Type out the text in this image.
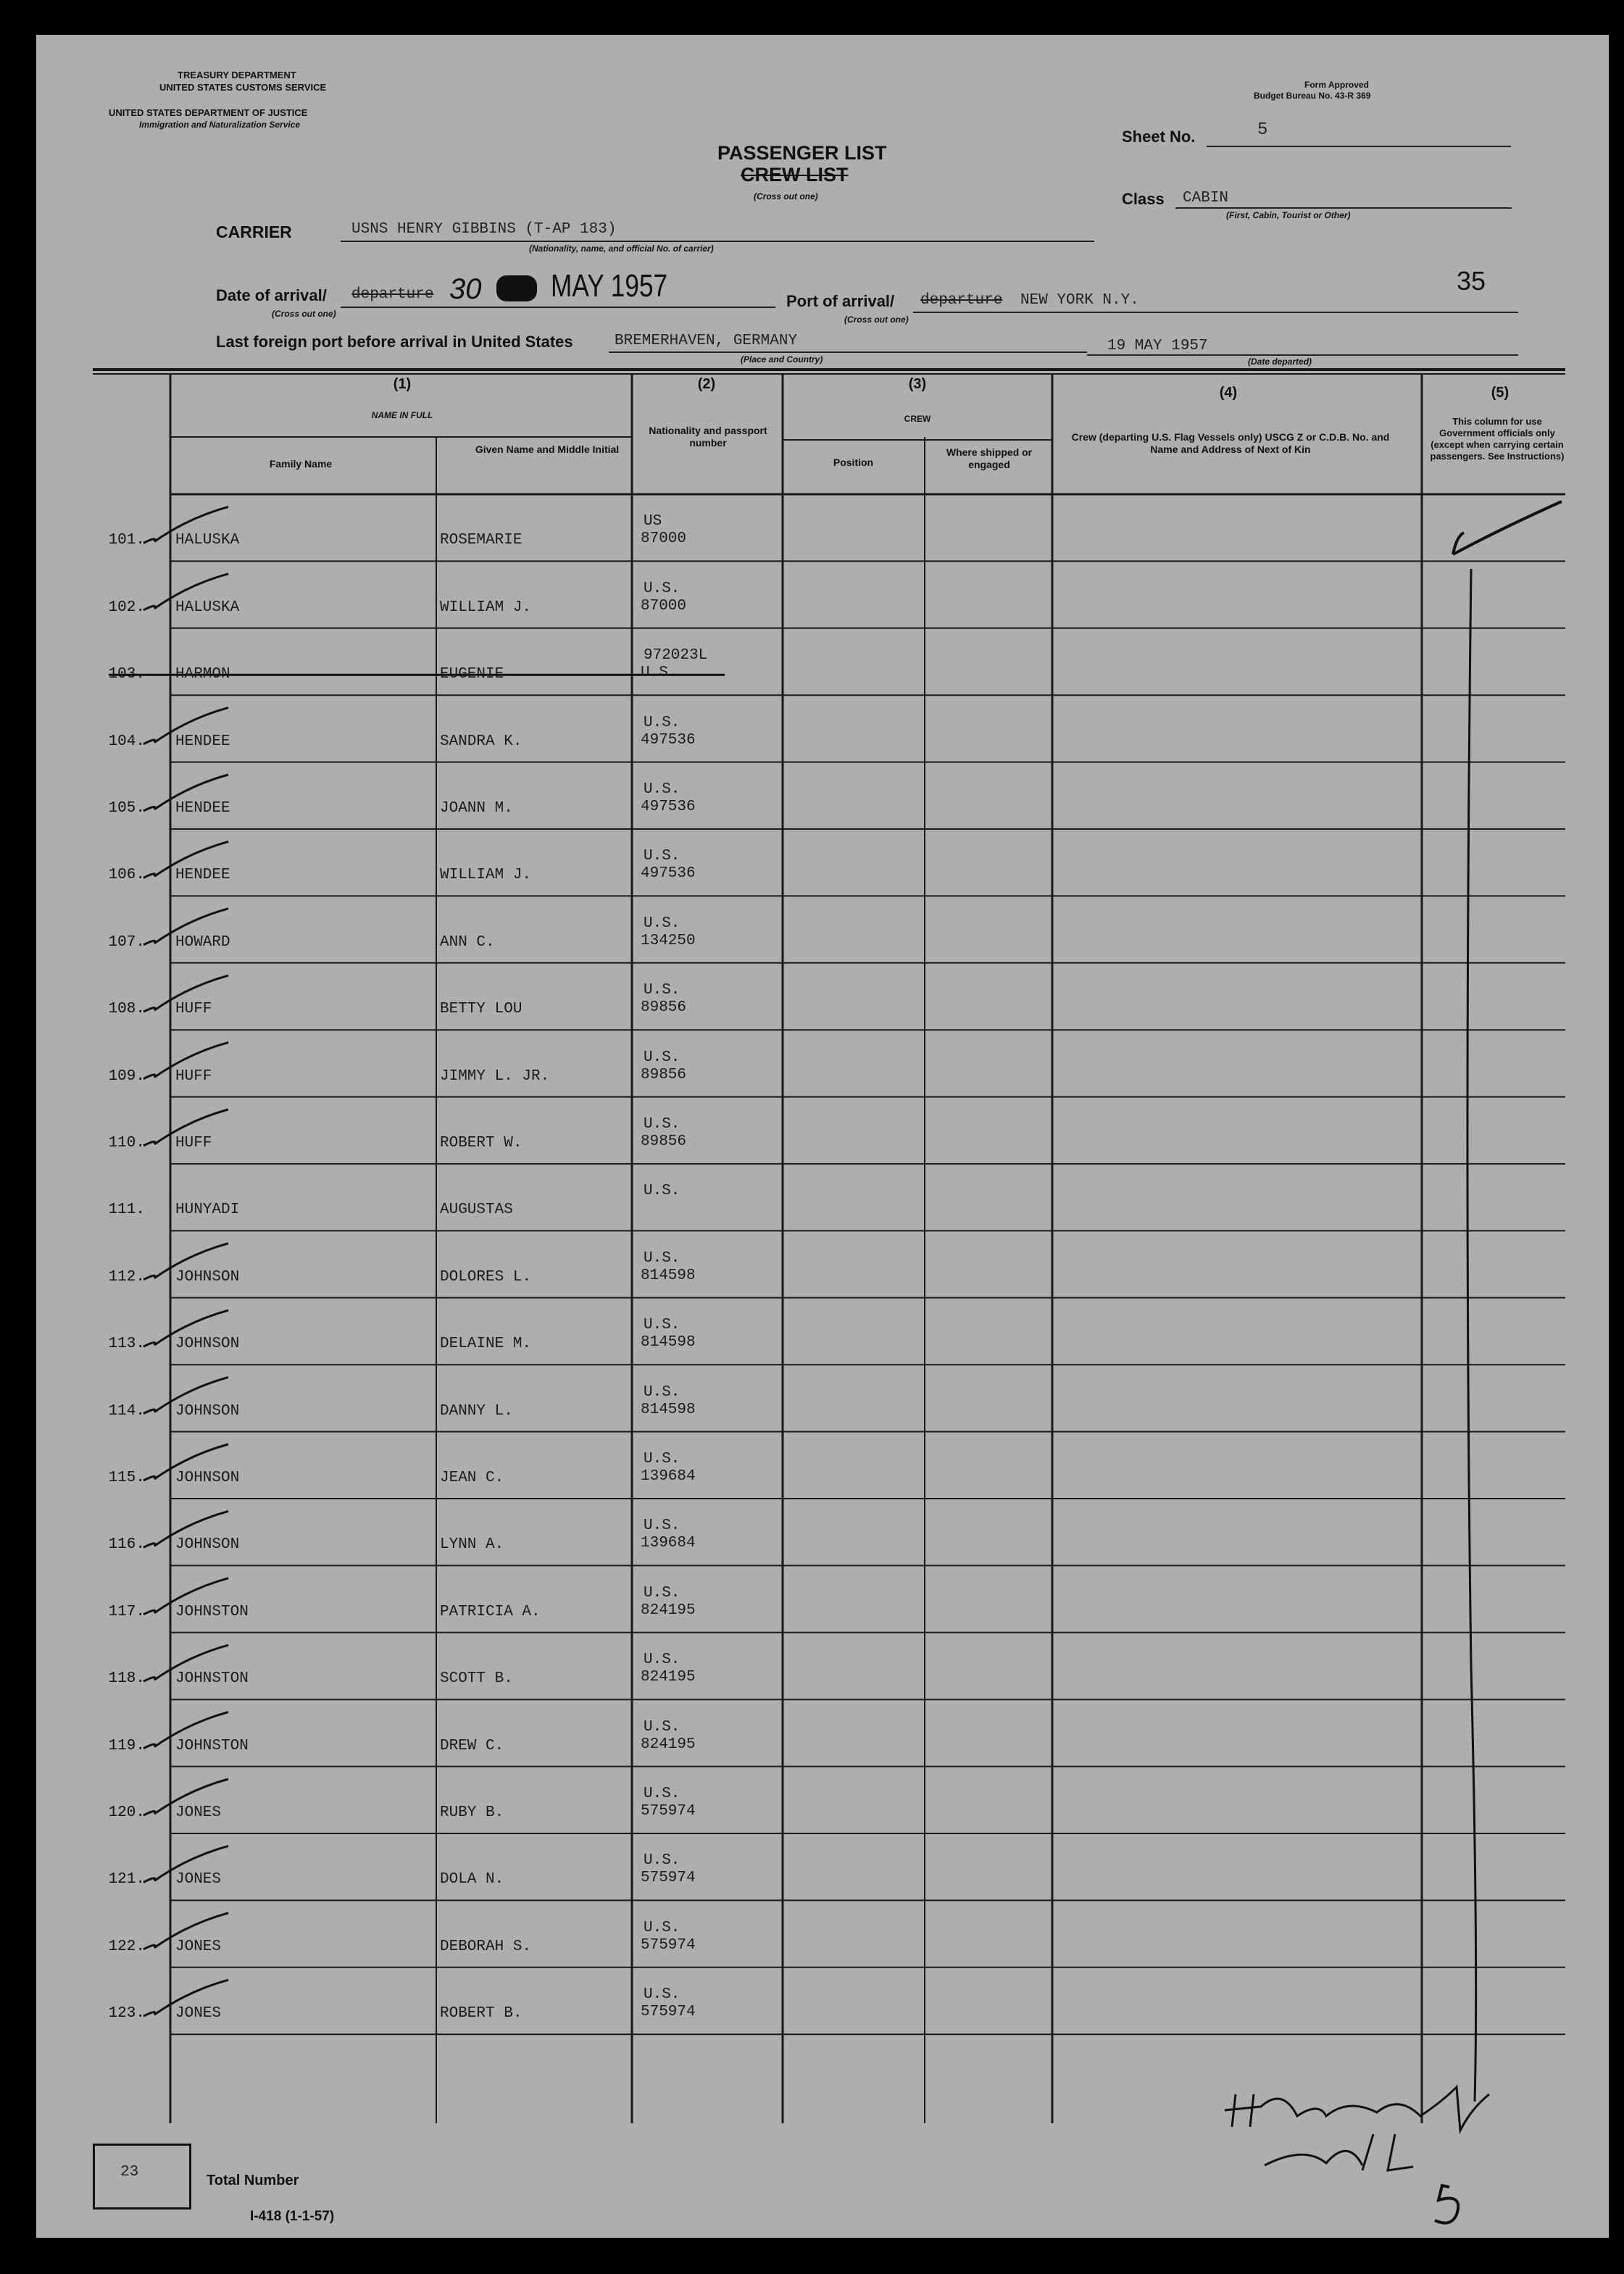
TREASURY DEPARTMENT
UNITED STATES CUSTOMS SERVICE
UNITED STATES DEPARTMENT OF JUSTICE
Immigration and Naturalization Service
Form Approved
Budget Bureau No. 43-R 369
PASSENGER LIST
CREW LIST
(Cross out one)
Sheet No.	5
Class CABIN
(First, Cabin, Tourist or Other)
CARRIER	USNS HENRY GIBBINS (T-AP 183)
(Nationality, name, and official No. of carrier)
Date of arrival/ departure
(Cross out one)
30 MAY 1957	35
Port of arrival/ departure NEW YORK N.Y.
(Cross out one)
Last foreign port before arrival in United States	BREMERHAVEN, GERMANY
(Place and Country)
19 MAY 1957
(Date departed)
(1)
NAME IN FULL
Family Name
Given Name and Middle Initial
(2)
Nationality and passport number
(3)
CREW
Position
Where shipped or engaged
(4)
Crew (departing U.S. Flag Vessels only) USCG Z or C.D.B. No. and Name and Address of Next of Kin
(5)
This column for use Government officials only (except when carrying certain passengers. See Instructions)
101. HALUSKA	ROSEMARIE
US
87000
102. HALUSKA	WILLIAM J.
U.S.
87000
103. HARMON	EUGENIE
972023L
U.S.
104. HENDEE	SANDRA K.
U.S.
497536
105. HENDEE	JOANN M.
U.S.
497536
106. HENDEE	WILLIAM J.
U.S.
497536
107. HOWARD	ANN C.
U.S.
134250
108. HUFF	BETTY LOU
U.S.
89856
109. HUFF	JIMMY L. JR.
U.S.
89856
110. HUFF	ROBERT W.
U.S.
89856
111. HUNYADI	AUGUSTAS
U.S.
112. JOHNSON	DOLORES L.
U.S.
814598
113. JOHNSON	DELAINE M.
U.S.
814598
114. JOHNSON	DANNY L.
U.S.
814598
115. JOHNSON	JEAN C.
U.S.
139684
116. JOHNSON	LYNN A.
U.S.
139684
117. JOHNSTON	PATRICIA A.
U.S.
824195
118. JOHNSTON	SCOTT B.
U.S.
824195
119. JOHNSTON	DREW C.
U.S.
824195
120. JONES	RUBY B.
U.S.
575974
121. JONES	DOLA N.
U.S.
575974
122. JONES	DEBORAH S.
U.S.
575974
123. JONES	ROBERT B.
U.S.
575974
23	Total Number
I-418 (1-1-57)
